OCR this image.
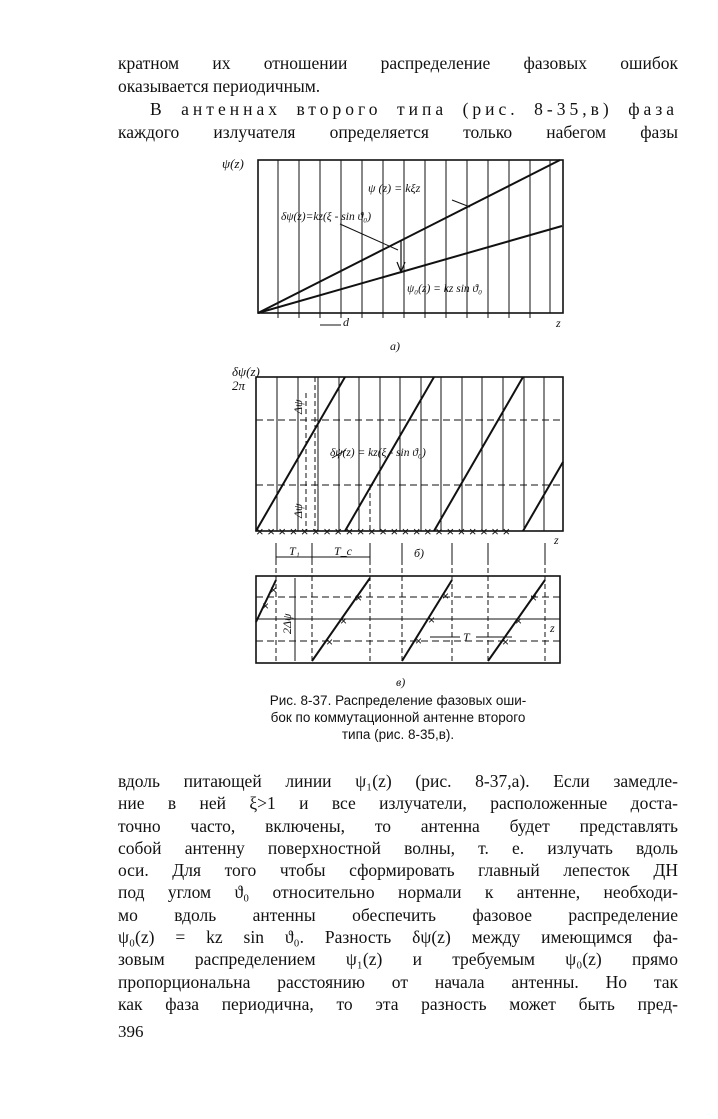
кратном их отношении распределение фазовых ошибок
оказывается периодичным.
В антеннах второго типа (рис. 8-35,в) фаза
каждого излучателя определяется только набегом фазы
ψ(z)
z
ψ (z) = kξz
δψ(z)=kz(ξ - sin ϑ₀)
ψ₀(z) = kz sin ϑ₀
d
а)
× × × × × × × × × × × × × × × × × × × × × × ×
δψ(z)
2π
Δψ
Δψ
δψ(z) = kz(ξ - sin ϑ₀)
z
T₁	T_c	б)
×
×
×
×
×
×
×
×
×
×
×
2Δψ
T
z
в)
Рис. 8-37. Распределение фазовых оши-
бок по коммутационной антенне второго
типа (рис. 8-35,в).
вдоль питающей линии ψ₁(z) (рис. 8-37,а). Если замедле-
ние в ней ξ>1 и все излучатели, расположенные доста-
точно часто, включены, то антенна будет представлять
собой антенну поверхностной волны, т. е. излучать вдоль
оси. Для того чтобы сформировать главный лепесток ДН
под углом ϑ₀ относительно нормали к антенне, необходи-
мо вдоль антенны обеспечить фазовое распределение
ψ₀(z) = kz sin ϑ₀. Разность δψ(z) между имеющимся фа-
зовым распределением ψ₁(z) и требуемым ψ₀(z) прямо
пропорциональна расстоянию от начала антенны. Но так
как фаза периодична, то эта разность может быть пред-
396
